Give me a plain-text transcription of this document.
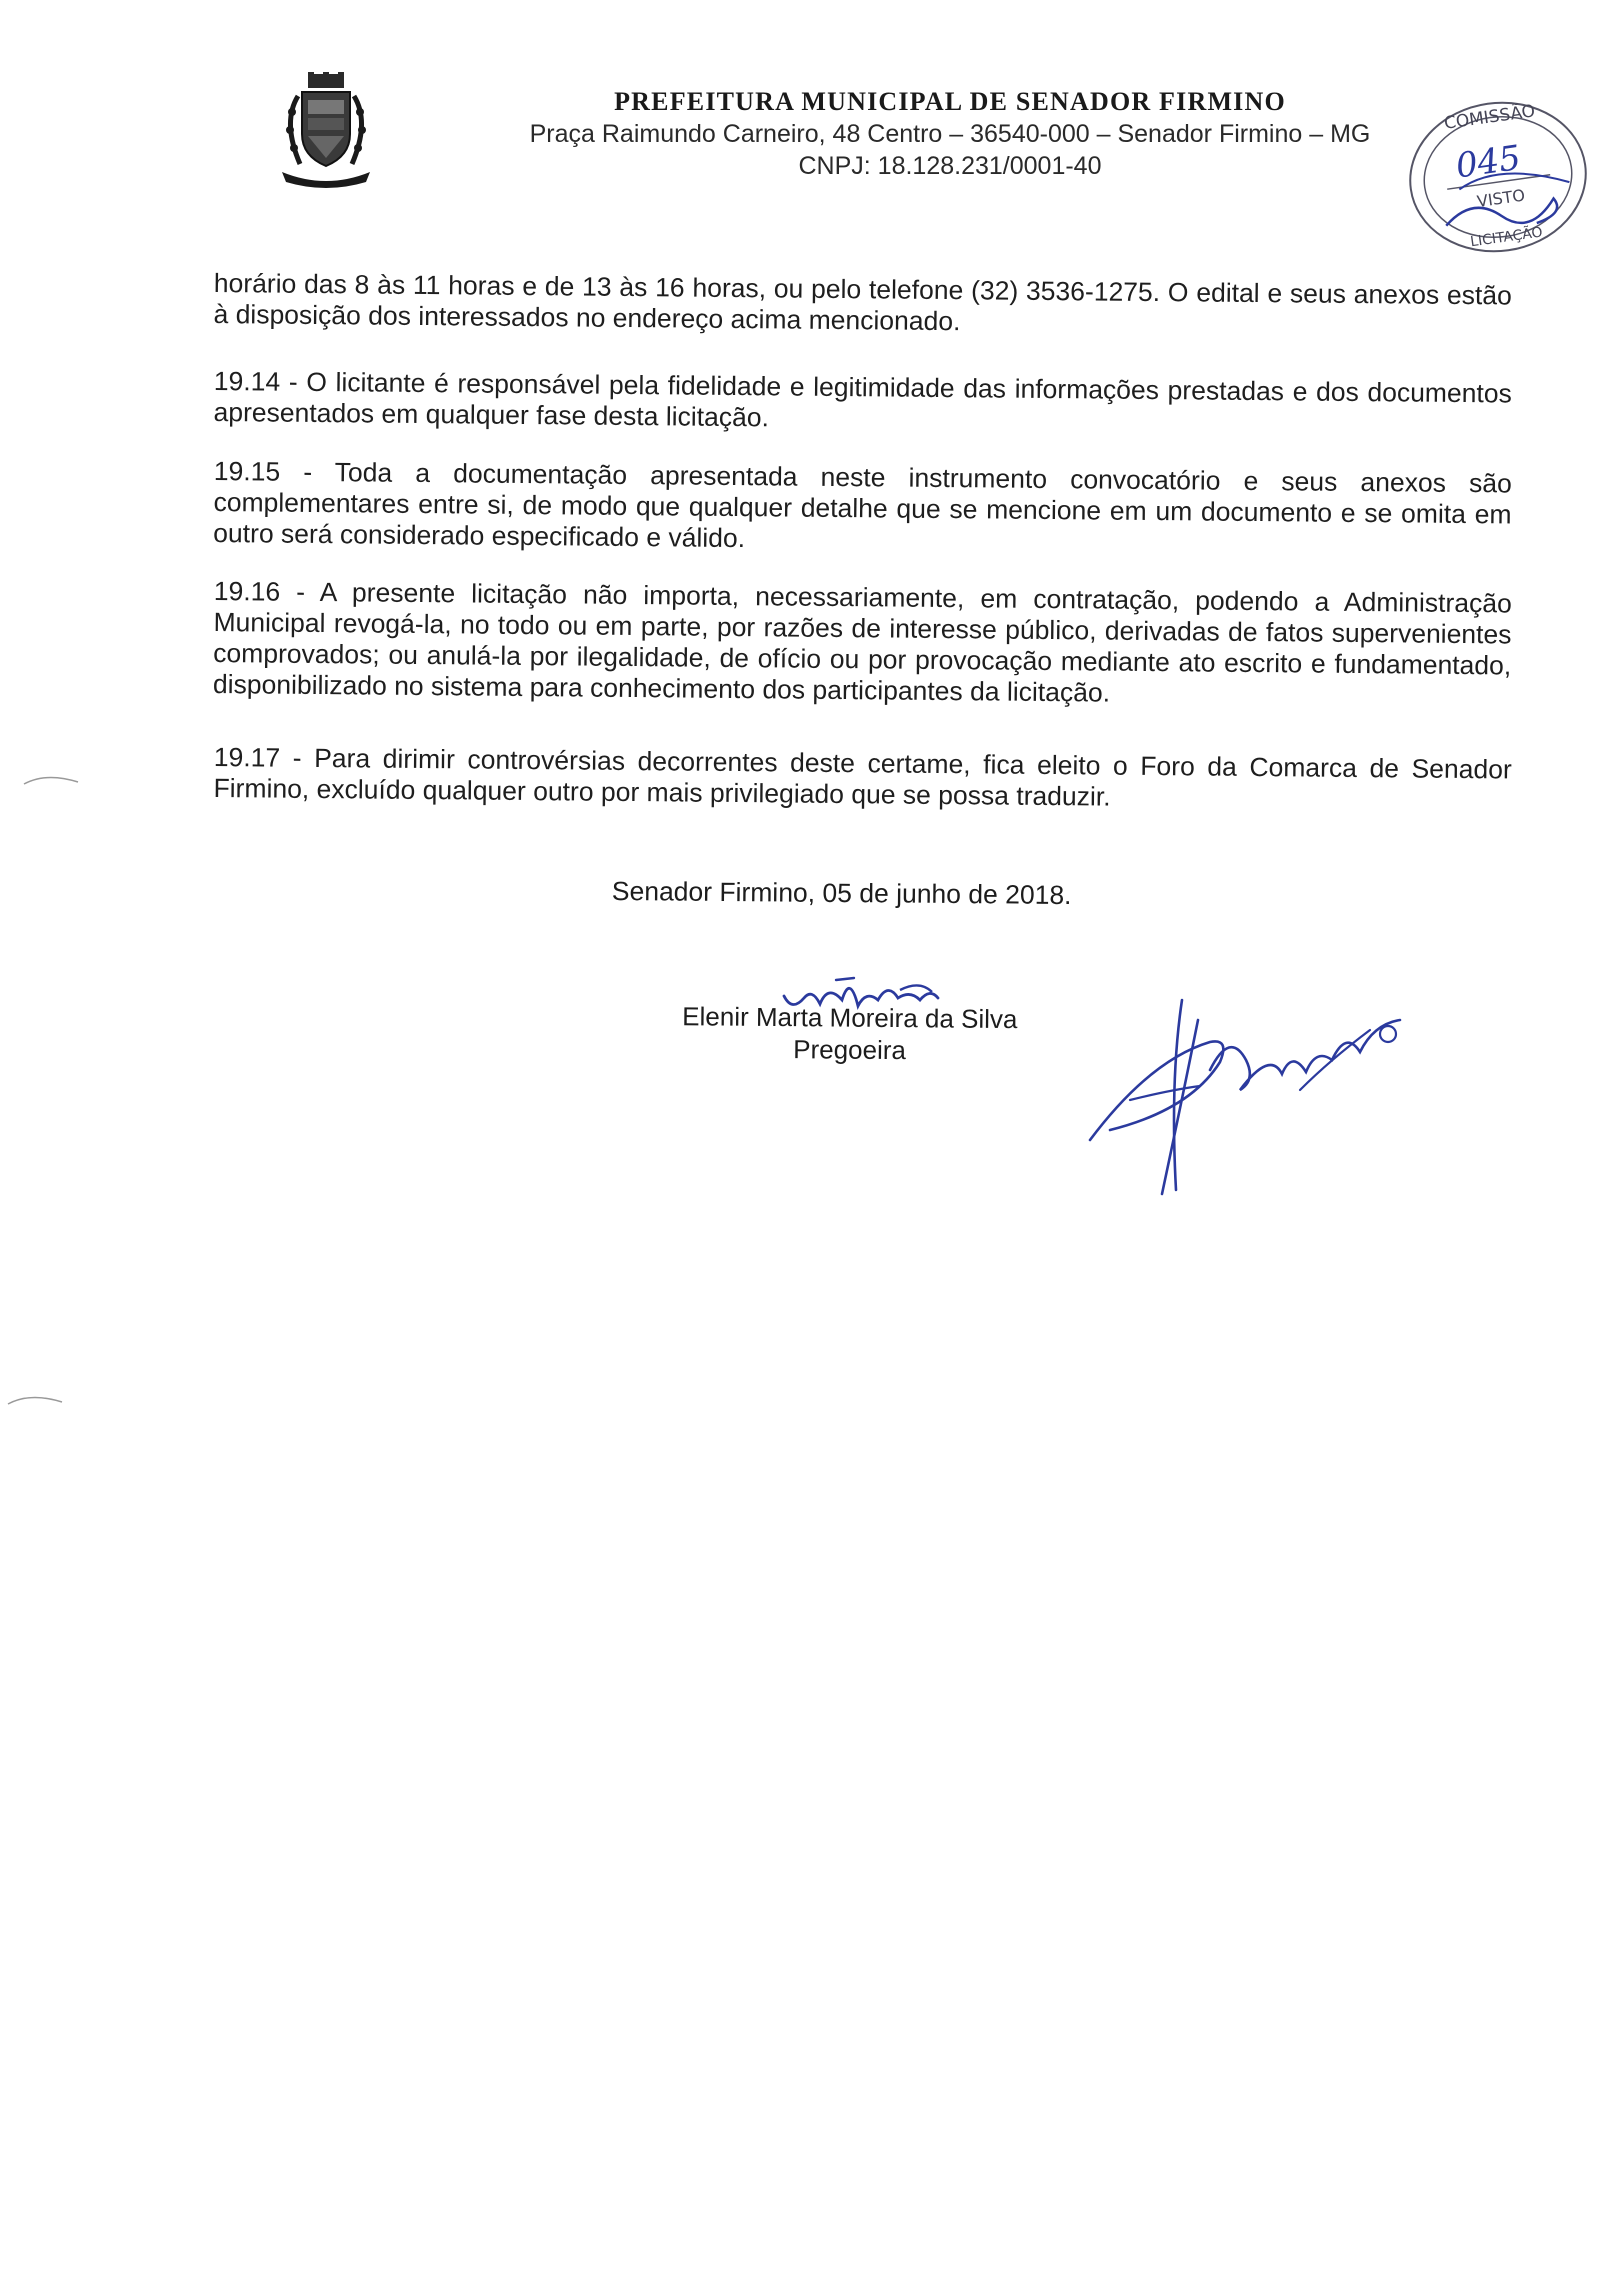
PREFEITURA MUNICIPAL DE SENADOR FIRMINO
Praça Raimundo Carneiro, 48 Centro – 36540-000 – Senador Firmino – MG
CNPJ: 18.128.231/0001-40
COMISSÃO
LICITAÇÃO
045
VISTO
horário das 8 às 11 horas e de 13 às 16 horas, ou pelo telefone (32) 3536-1275. O edital e seus anexos estão à disposição dos interessados no endereço acima mencionado.
19.14 - O licitante é responsável pela fidelidade e legitimidade das informações prestadas e dos documentos apresentados em qualquer fase desta licitação.
19.15 - Toda a documentação apresentada neste instrumento convocatório e seus anexos são complementares entre si, de modo que qualquer detalhe que se mencione em um documento e se omita em outro será considerado especificado e válido.
19.16 - A presente licitação não importa, necessariamente, em contratação, podendo a Administração Municipal revogá-la, no todo ou em parte, por razões de interesse público, derivadas de fatos supervenientes comprovados; ou anulá-la por ilegalidade, de ofício ou por provocação mediante ato escrito e fundamentado, disponibilizado no sistema para conhecimento dos participantes da licitação.
19.17 - Para dirimir controvérsias decorrentes deste certame, fica eleito o Foro da Comarca de Senador Firmino, excluído qualquer outro por mais privilegiado que se possa traduzir.
Senador Firmino, 05 de junho de 2018.
Elenir Marta Moreira da Silva
Pregoeira
